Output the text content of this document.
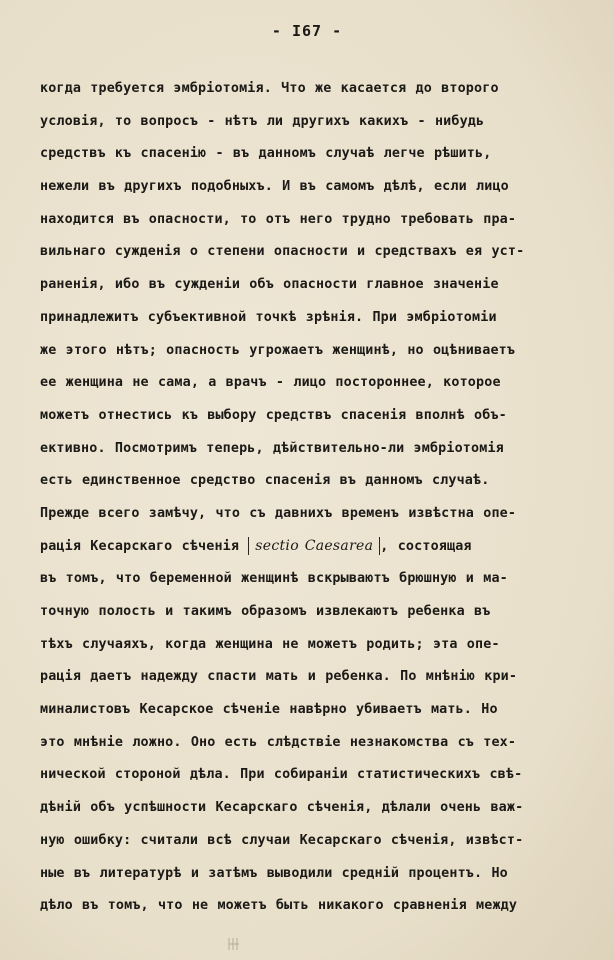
- I67 -
когда требуется эмбрiотомiя. Что же касается до второго
условiя, то вопросъ - нѣтъ ли другихъ какихъ - нибудь
средствъ къ спасенiю - въ данномъ случаѣ легче рѣшить,
нежели въ другихъ подобныхъ. И въ самомъ дѣлѣ, если лицо
находится въ опасности, то отъ него трудно требовать пра-
вильнаго сужденiя о степени опасности и средствахъ ея уст-
раненiя, ибо въ сужденiи объ опасности главное значенiе
принадлежитъ субъективной точкѣ зрѣнiя. При эмбрiотомiи
же этого нѣтъ; опасность угрожаетъ женщинѣ, но оцѣниваетъ
ее женщина не сама, а врачъ - лицо постороннее, которое
можетъ отнестись къ выбору средствъ спасенiя вполнѣ объ-
ективно. Посмотримъ теперь, дѣйствительно-ли эмбрiотомiя
есть единственное средство спасенiя въ данномъ случаѣ.
Прежде всего замѣчу, что съ давнихъ временъ извѣстна опе-
рацiя Кесарскаго сѣченiя sectio Caesarea , состоящая
въ томъ, что беременной женщинѣ вскрываютъ брюшную и ма-
точную полость и такимъ образомъ извлекаютъ ребенка въ
тѣхъ случаяхъ, когда женщина не можетъ родить; эта опе-
рацiя даетъ надежду спасти мать и ребенка. По мнѣнiю кри-
миналистовъ Кесарское сѣченiе навѣрно убиваетъ мать. Но
это мнѣнiе ложно. Оно есть слѣдствiе незнакомства съ тех-
нической стороной дѣла. При собиранiи статистическихъ свѣ-
дѣнiй объ успѣшности Кесарскаго сѣченiя, дѣлали очень важ-
ную ошибку: считали всѣ случаи Кесарскаго сѣченiя, извѣст-
ные въ литературѣ и затѣмъ выводили среднiй процентъ. Но
дѣло въ томъ, что не можетъ быть никакого сравненiя между
